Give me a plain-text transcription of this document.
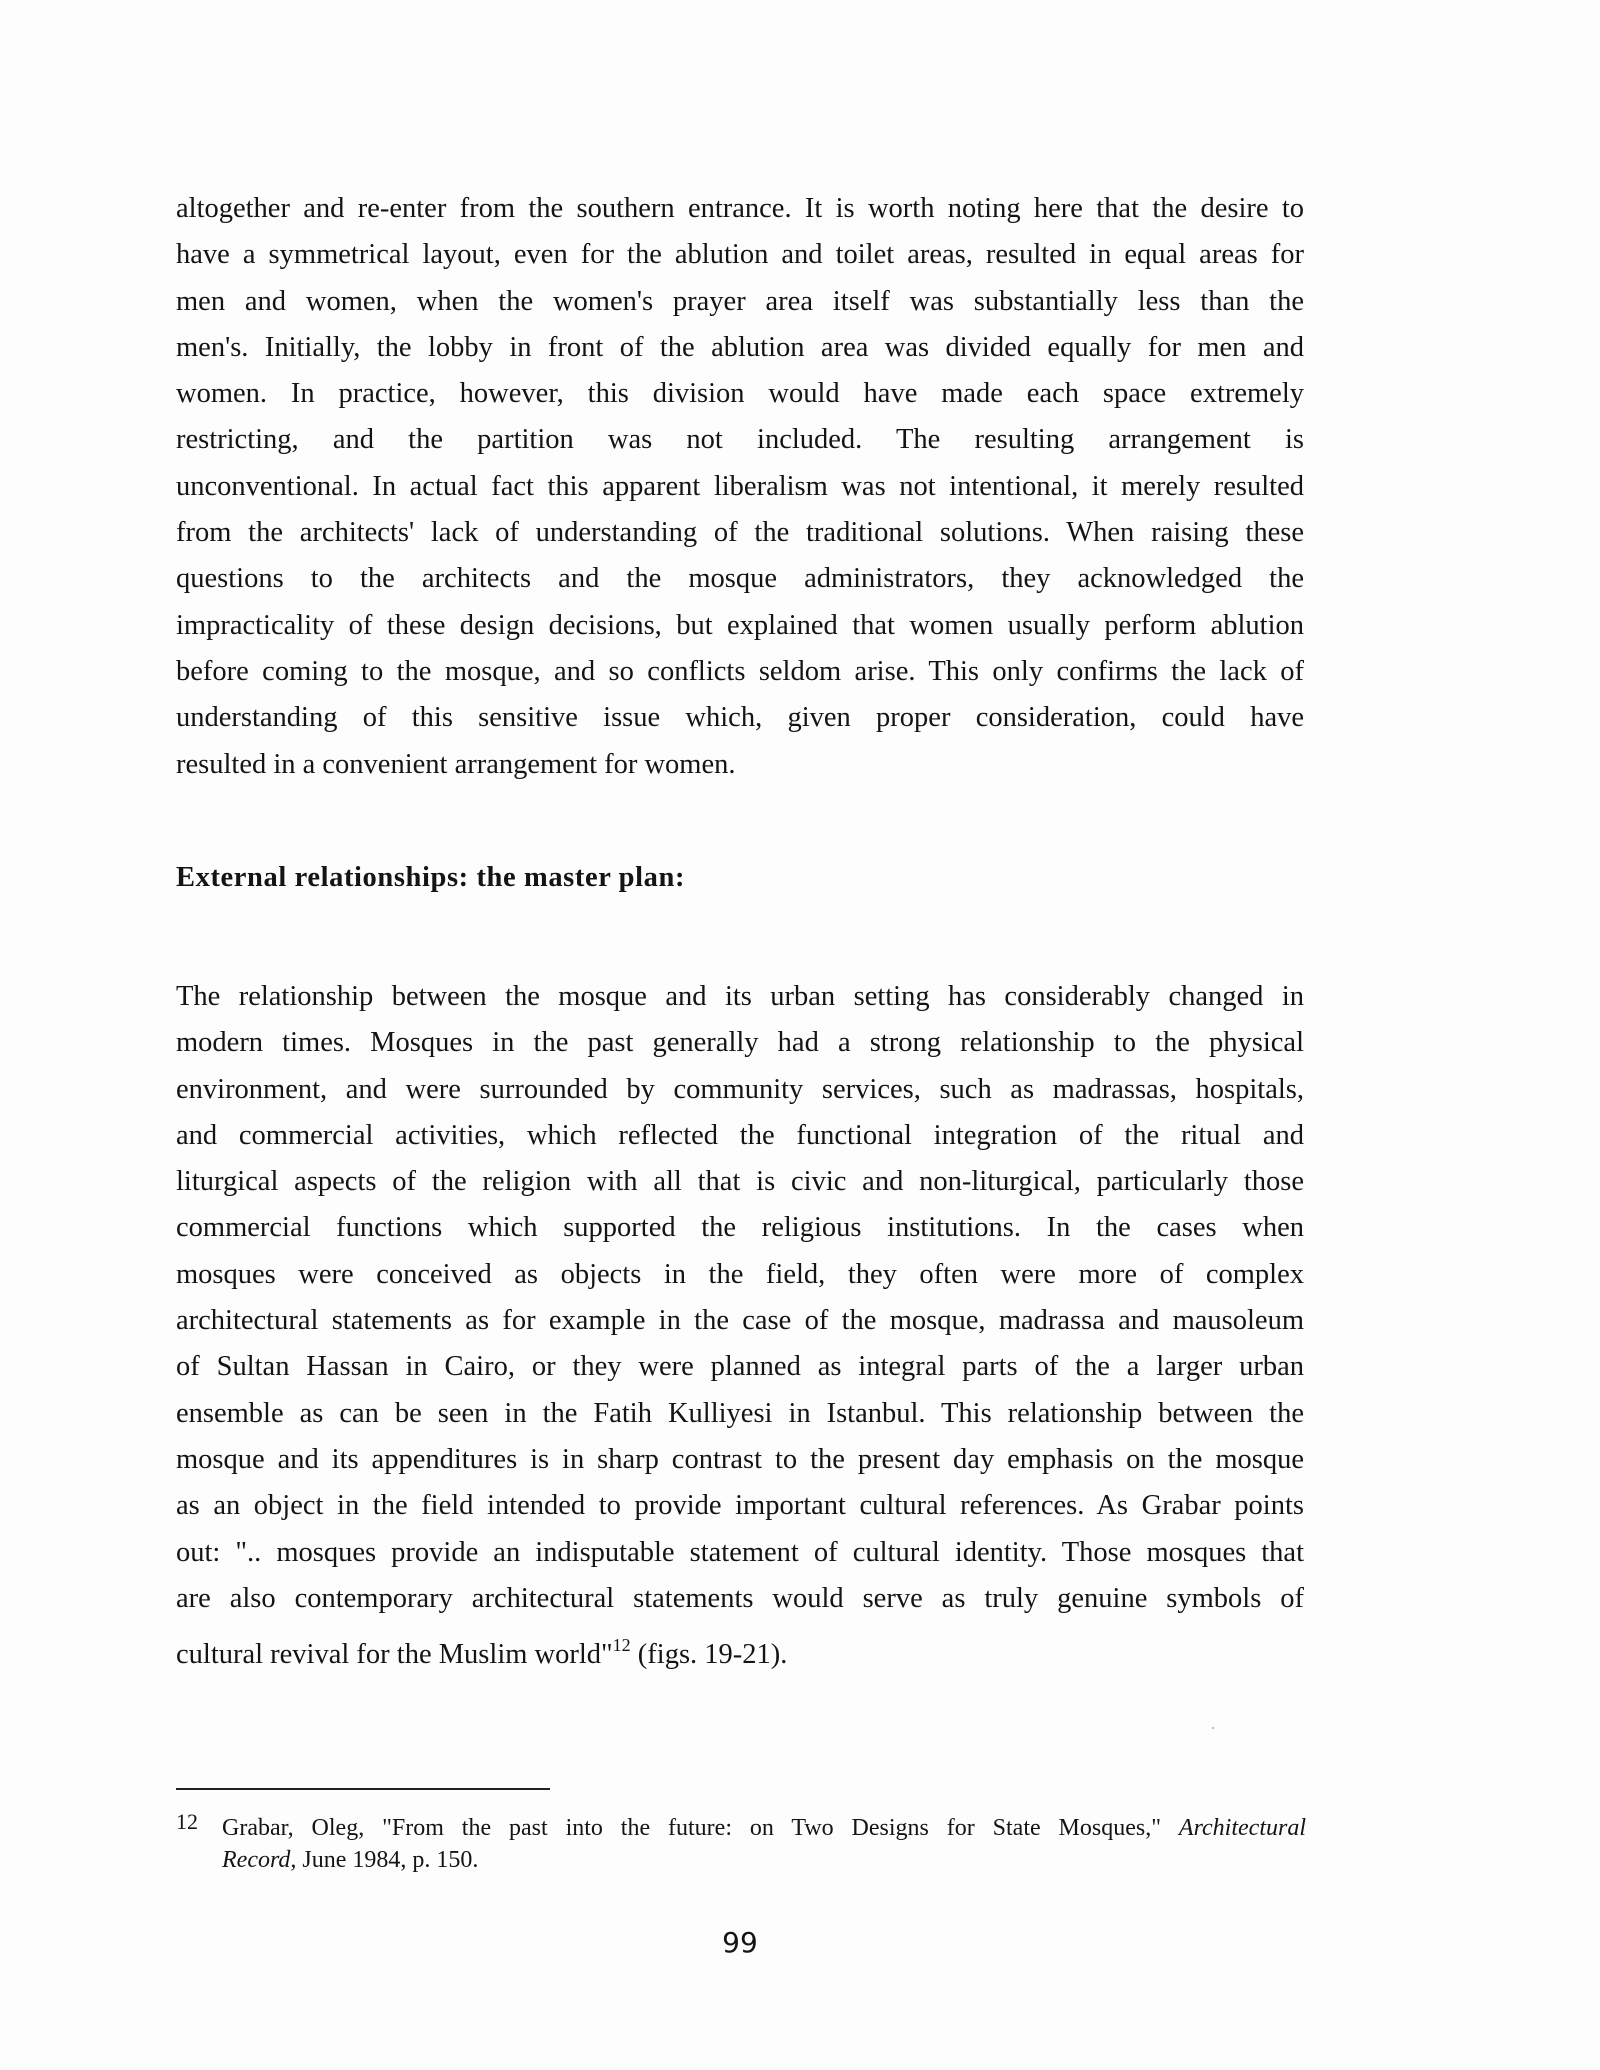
altogether and re-enter from the southern entrance. It is worth noting here that the desire to
have a symmetrical layout, even for the ablution and toilet areas, resulted in equal areas for
men and women, when the women's prayer area itself was substantially less than the
men's. Initially, the lobby in front of the ablution area was divided equally for men and
women. In practice, however, this division would have made each space extremely
restricting, and the partition was not included. The resulting arrangement is
unconventional. In actual fact this apparent liberalism was not intentional, it merely resulted
from the architects' lack of understanding of the traditional solutions. When raising these
questions to the architects and the mosque administrators, they acknowledged the
impracticality of these design decisions, but explained that women usually perform ablution
before coming to the mosque, and so conflicts seldom arise. This only confirms the lack of
understanding of this sensitive issue which, given proper consideration, could have
resulted in a convenient arrangement for women.
External relationships: the master plan:
The relationship between the mosque and its urban setting has considerably changed in
modern times. Mosques in the past generally had a strong relationship to the physical
environment, and were surrounded by community services, such as madrassas, hospitals,
and commercial activities, which reflected the functional integration of the ritual and
liturgical aspects of the religion with all that is civic and non-liturgical, particularly those
commercial functions which supported the religious institutions. In the cases when
mosques were conceived as objects in the field, they often were more of complex
architectural statements as for example in the case of the mosque, madrassa and mausoleum
of Sultan Hassan in Cairo, or they were planned as integral parts of the a larger urban
ensemble as can be seen in the Fatih Kulliyesi in Istanbul. This relationship between the
mosque and its appenditures is in sharp contrast to the present day emphasis on the mosque
as an object in the field intended to provide important cultural references. As Grabar points
out: ".. mosques provide an indisputable statement of cultural identity. Those mosques that
are also contemporary architectural statements would serve as truly genuine symbols of
cultural revival for the Muslim world"$^{12}$ (figs. 19-21).
12 Grabar, Oleg, "From the past into the future: on Two Designs for State Mosques," Architectural
Record, June 1984, p. 150.
99
